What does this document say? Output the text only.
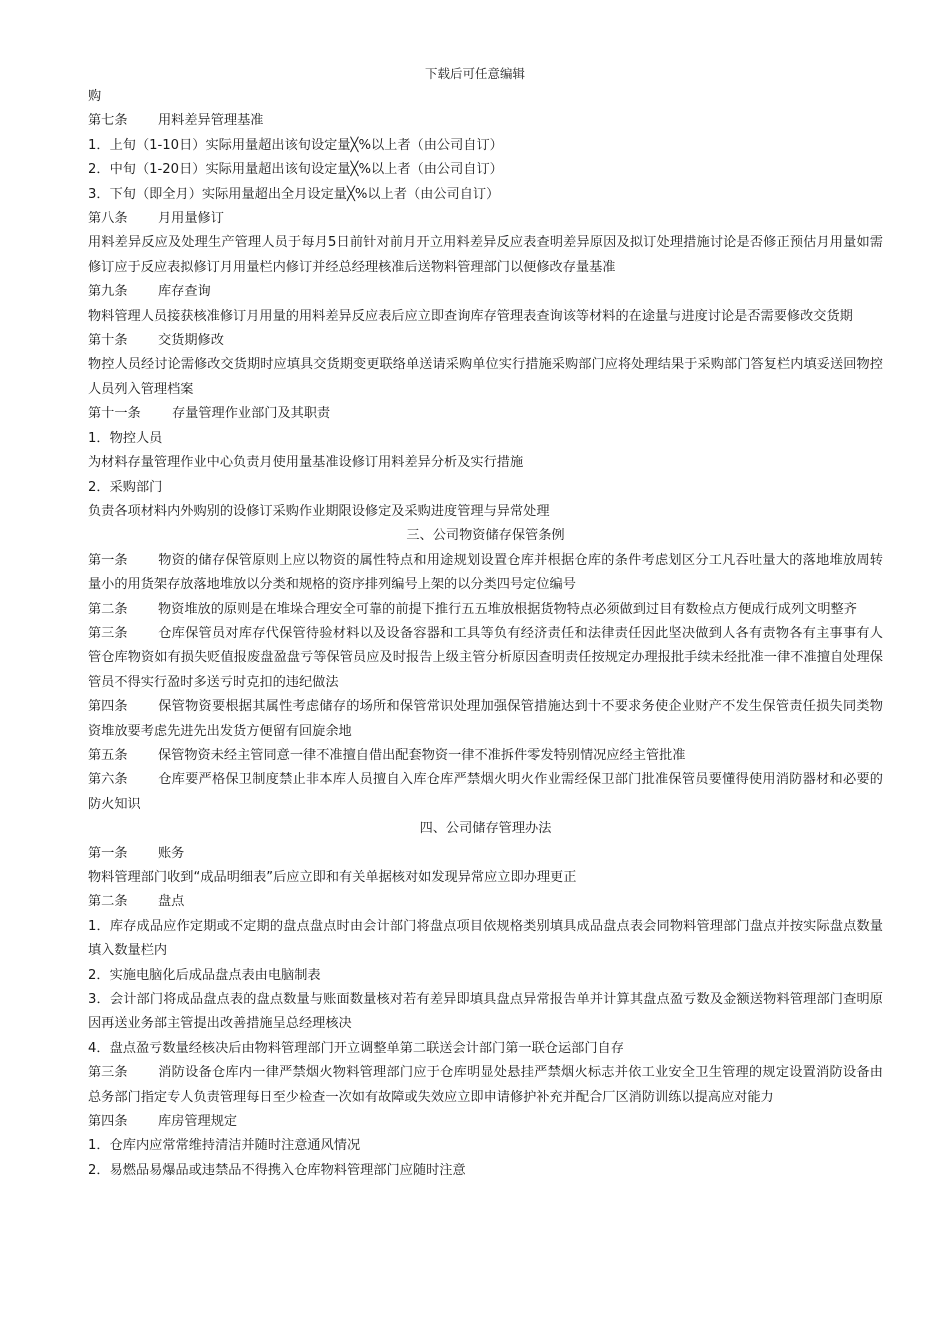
下载后可任意编辑

购

第七条 用料差异管理基准

1．上旬（1-10日）实际用量超出该旬设定量╳%以上者（由公司自订）

2．中旬（1-20日）实际用量超出该旬设定量╳%以上者（由公司自订）

3．下旬（即全月）实际用量超出全月设定量╳%以上者（由公司自订）

第八条 月用量修订

用料差异反应及处理生产管理人员于每月5日前针对前月开立用料差异反应表查明差异原因及拟订处理措施讨论是否修正预估月用量如需修订应于反应表拟修订月用量栏内修订并经总经理核准后送物料管理部门以便修改存量基准

第九条 库存查询

物料管理人员接获核准修订月用量的用料差异反应表后应立即查询库存管理表查询该等材料的在途量与进度讨论是否需要修改交货期

第十条 交货期修改

物控人员经讨论需修改交货期时应填具交货期变更联络单送请采购单位实行措施采购部门应将处理结果于采购部门答复栏内填妥送回物控人员列入管理档案

第十一条 存量管理作业部门及其职责

1．物控人员

为材料存量管理作业中心负责月使用量基准设修订用料差异分析及实行措施

2．采购部门

负责各项材料内外购别的设修订采购作业期限设修定及采购进度管理与异常处理

三、公司物资储存保管条例

第一条 物资的储存保管原则上应以物资的属性特点和用途规划设置仓库并根据仓库的条件考虑划区分工凡吞吐量大的落地堆放周转量小的用货架存放落地堆放以分类和规格的资序排列编号上架的以分类四号定位编号

第二条 物资堆放的原则是在堆垛合理安全可靠的前提下推行五五堆放根据货物特点必须做到过目有数检点方便成行成列文明整齐

第三条 仓库保管员对库存代保管待验材料以及设备容器和工具等负有经济责任和法律责任因此坚决做到人各有责物各有主事事有人管仓库物资如有损失贬值报废盘盈盘亏等保管员应及时报告上级主管分析原因查明责任按规定办理报批手续未经批准一律不准擅自处理保管员不得实行盈时多送亏时克扣的违纪做法

第四条 保管物资要根据其属性考虑储存的场所和保管常识处理加强保管措施达到十不要求务使企业财产不发生保管责任损失同类物资堆放要考虑先进先出发货方便留有回旋余地

第五条 保管物资未经主管同意一律不准擅自借出配套物资一律不准拆件零发特别情况应经主管批准

第六条 仓库要严格保卫制度禁止非本库人员擅自入库仓库严禁烟火明火作业需经保卫部门批准保管员要懂得使用消防器材和必要的防火知识

四、公司储存管理办法

第一条 账务

物料管理部门收到“成品明细表”后应立即和有关单据核对如发现异常应立即办理更正

第二条 盘点

1．库存成品应作定期或不定期的盘点盘点时由会计部门将盘点项目依规格类别填具成品盘点表会同物料管理部门盘点并按实际盘点数量填入数量栏内

2．实施电脑化后成品盘点表由电脑制表

3．会计部门将成品盘点表的盘点数量与账面数量核对若有差异即填具盘点异常报告单并计算其盘点盈亏数及金额送物料管理部门查明原因再送业务部主管提出改善措施呈总经理核决

4．盘点盈亏数量经核决后由物料管理部门开立调整单第二联送会计部门第一联仓运部门自存

第三条 消防设备仓库内一律严禁烟火物料管理部门应于仓库明显处悬挂严禁烟火标志并依工业安全卫生管理的规定设置消防设备由总务部门指定专人负责管理每日至少检查一次如有故障或失效应立即申请修护补充并配合厂区消防训练以提高应对能力

第四条 库房管理规定

1．仓库内应常常维持清洁并随时注意通风情况

2．易燃品易爆品或违禁品不得携入仓库物料管理部门应随时注意
